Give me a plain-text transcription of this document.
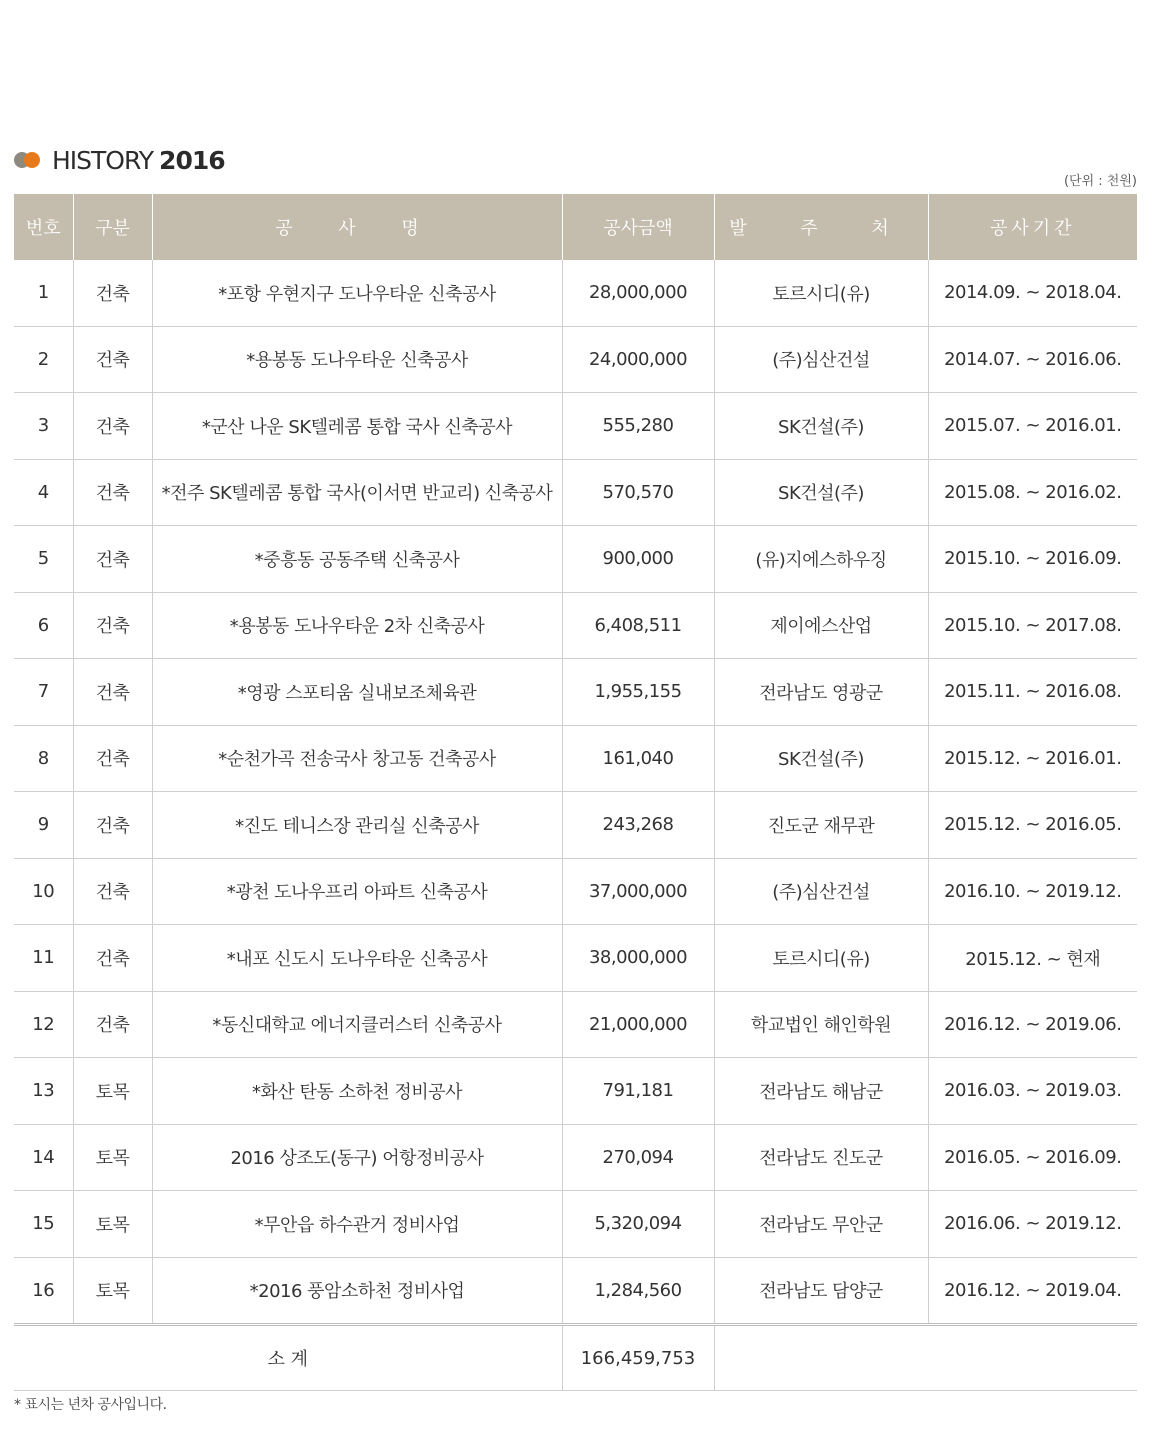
HISTORY 2016
(단위 : 천원)
번호	구분	공 사 명	공사금액	발 주 처	공사기간
1	건축	*포항 우현지구 도나우타운 신축공사	28,000,000	토르시디(유)	2014.09. ~ 2018.04.
2	건축	*용봉동 도나우타운 신축공사	24,000,000	(주)심산건설	2014.07. ~ 2016.06.
3	건축	*군산 나운 SK텔레콤 통합 국사 신축공사	555,280	SK건설(주)	2015.07. ~ 2016.01.
4	건축	*전주 SK텔레콤 통합 국사(이서면 반교리) 신축공사	570,570	SK건설(주)	2015.08. ~ 2016.02.
5	건축	*중흥동 공동주택 신축공사	900,000	(유)지에스하우징	2015.10. ~ 2016.09.
6	건축	*용봉동 도나우타운 2차 신축공사	6,408,511	제이에스산업	2015.10. ~ 2017.08.
7	건축	*영광 스포티움 실내보조체육관	1,955,155	전라남도 영광군	2015.11. ~ 2016.08.
8	건축	*순천가곡 전송국사 창고동 건축공사	161,040	SK건설(주)	2015.12. ~ 2016.01.
9	건축	*진도 테니스장 관리실 신축공사	243,268	진도군 재무관	2015.12. ~ 2016.05.
10	건축	*광천 도나우프리 아파트 신축공사	37,000,000	(주)심산건설	2016.10. ~ 2019.12.
11	건축	*내포 신도시 도나우타운 신축공사	38,000,000	토르시디(유)	2015.12. ~ 현재
12	건축	*동신대학교 에너지클러스터 신축공사	21,000,000	학교법인 해인학원	2016.12. ~ 2019.06.
13	토목	*화산 탄동 소하천 정비공사	791,181	전라남도 해남군	2016.03. ~ 2019.03.
14	토목	2016 상조도(동구) 어항정비공사	270,094	전라남도 진도군	2016.05. ~ 2016.09.
15	토목	*무안읍 하수관거 정비사업	5,320,094	전라남도 무안군	2016.06. ~ 2019.12.
16	토목	*2016 풍암소하천 정비사업	1,284,560	전라남도 담양군	2016.12. ~ 2019.04.
소 계			166,459,753		
* 표시는 년차 공사입니다.
